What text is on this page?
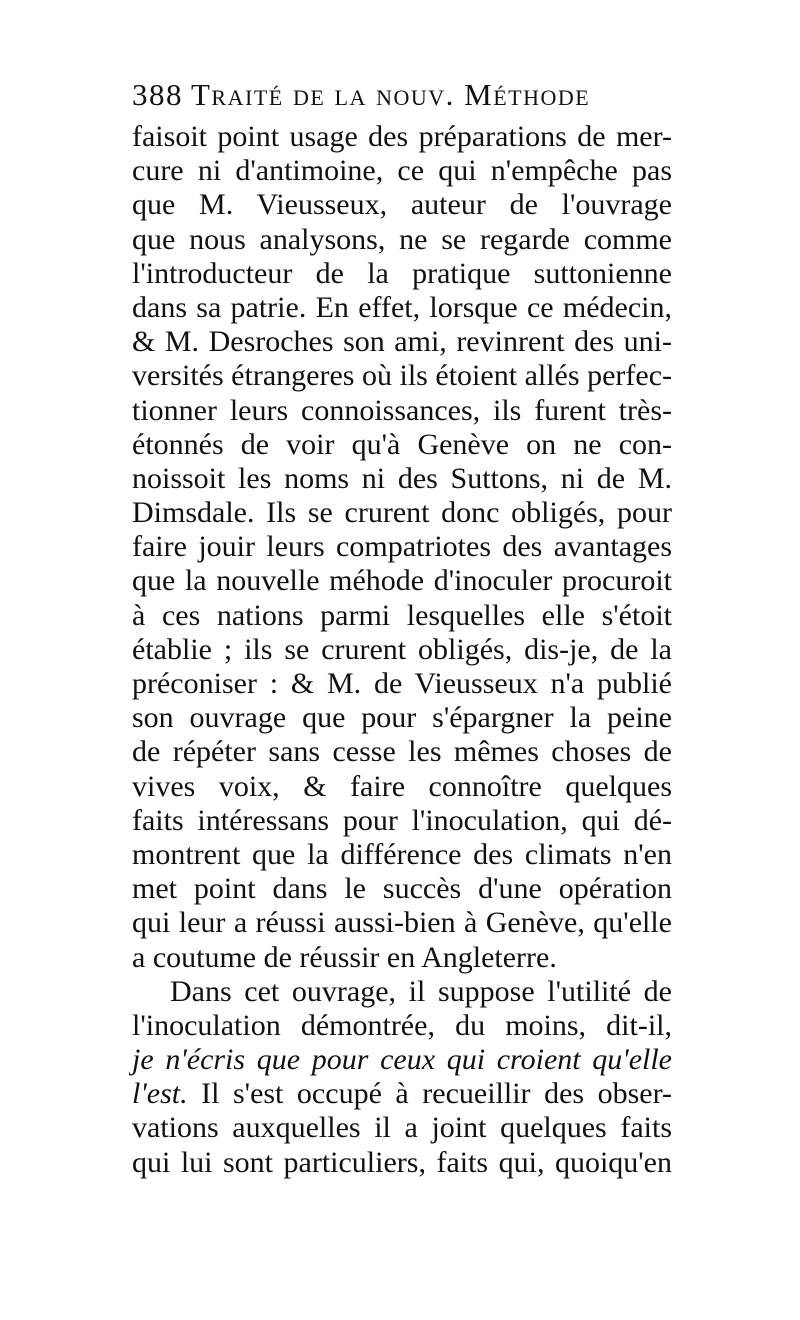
388 Traité de la nouv. Méthode
faisoit point usage des préparations de mer-
cure ni d'antimoine, ce qui n'empêche pas
que M. Vieusseux, auteur de l'ouvrage
que nous analysons, ne se regarde comme
l'introducteur de la pratique suttonienne
dans sa patrie. En effet, lorsque ce médecin,
& M. Desroches son ami, revinrent des uni-
versités étrangeres où ils étoient allés perfec-
tionner leurs connoissances, ils furent très-
étonnés de voir qu'à Genève on ne con-
noissoit les noms ni des Suttons, ni de M.
Dimsdale. Ils se crurent donc obligés, pour
faire jouir leurs compatriotes des avantages
que la nouvelle méhode d'inoculer procuroit
à ces nations parmi lesquelles elle s'étoit
établie ; ils se crurent obligés, dis-je, de la
préconiser : & M. de Vieusseux n'a publié
son ouvrage que pour s'épargner la peine
de répéter sans cesse les mêmes choses de
vives voix, & faire connoître quelques
faits intéressans pour l'inoculation, qui dé-
montrent que la différence des climats n'en
met point dans le succès d'une opération
qui leur a réussi aussi-bien à Genève, qu'elle
a coutume de réussir en Angleterre.
Dans cet ouvrage, il suppose l'utilité de
l'inoculation démontrée, du moins, dit-il,
je n'écris que pour ceux qui croient qu'elle
l'est. Il s'est occupé à recueillir des obser-
vations auxquelles il a joint quelques faits
qui lui sont particuliers, faits qui, quoiqu'en
